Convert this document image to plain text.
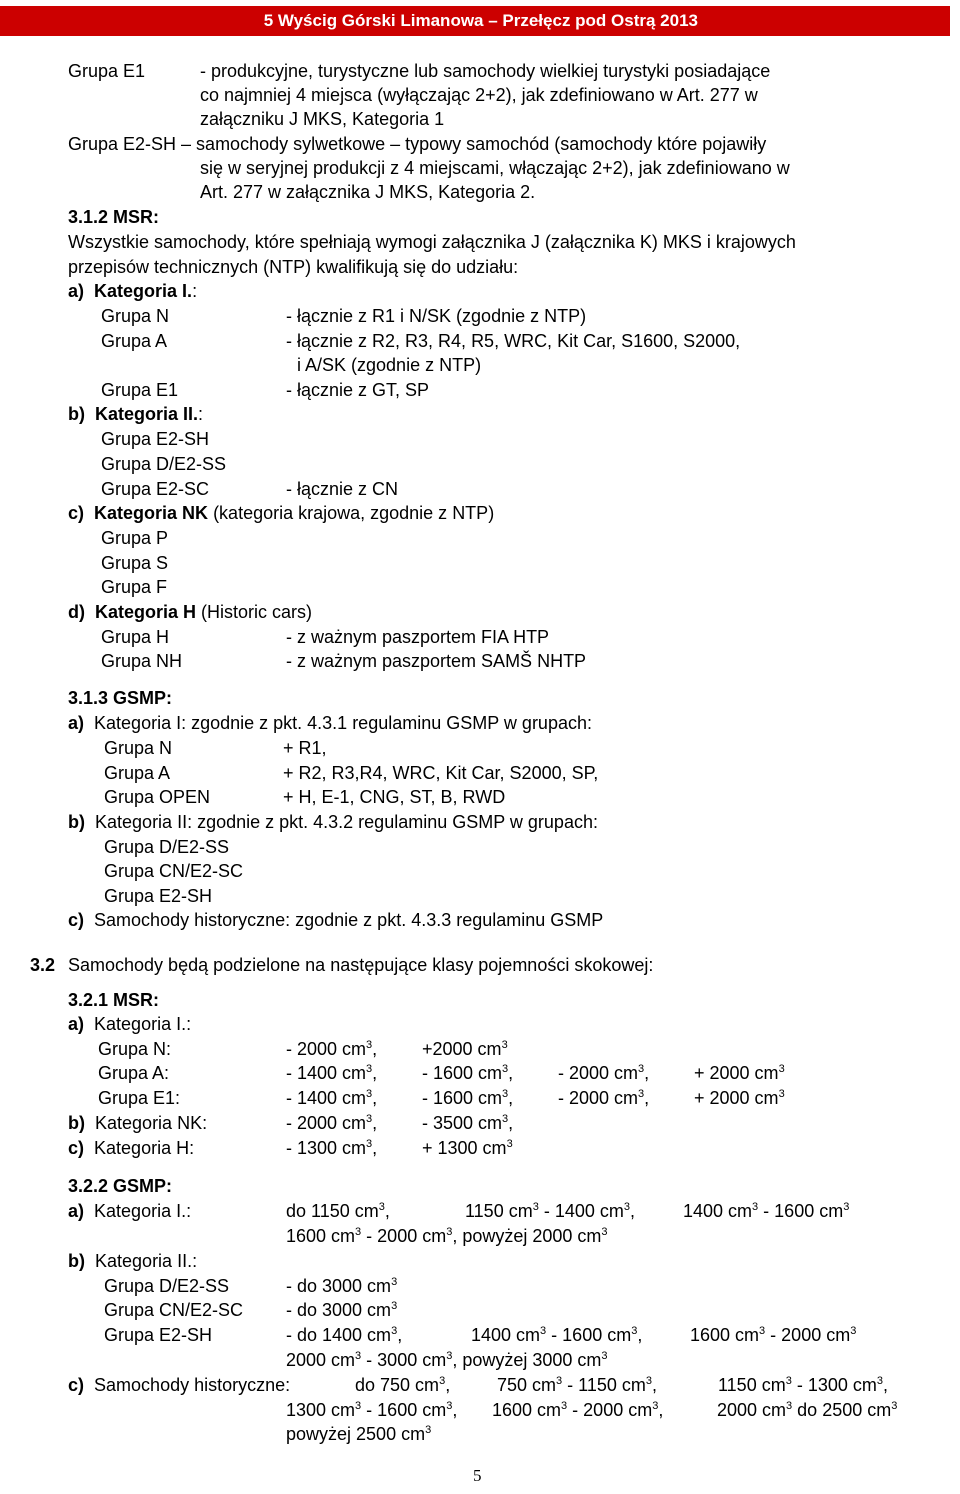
5 Wyścig Górski Limanowa – Przełęcz pod Ostrą 2013
Grupa E1	- produkcyjne, turystyczne lub samochody wielkiej turystyki posiadające
co najmniej 4 miejsca (wyłączając 2+2), jak zdefiniowano w Art. 277 w
załączniku J MKS, Kategoria 1
Grupa E2-SH – samochody sylwetkowe – typowy samochód (samochody które pojawiły
się w seryjnej produkcji z 4 miejscami, włączając 2+2), jak zdefiniowano w
Art. 277 w załącznika J MKS, Kategoria 2.
3.1.2 MSR:
Wszystkie samochody, które spełniają wymogi załącznika J (załącznika K) MKS i krajowych
przepisów technicznych (NTP) kwalifikują się do udziału:
a) Kategoria I.:
Grupa N	- łącznie z R1 i N/SK (zgodnie z NTP)
Grupa A	- łącznie z R2, R3, R4, R5, WRC, Kit Car, S1600, S2000,
i A/SK (zgodnie z NTP)
Grupa E1	- łącznie z GT, SP
b) Kategoria II.:
Grupa E2-SH
Grupa D/E2-SS
Grupa E2-SC	- łącznie z CN
c) Kategoria NK (kategoria krajowa, zgodnie z NTP)
Grupa P
Grupa S
Grupa F
d) Kategoria H (Historic cars)
Grupa H	- z ważnym paszportem FIA HTP
Grupa NH	- z ważnym paszportem SAMŠ NHTP
3.1.3 GSMP:
a) Kategoria I: zgodnie z pkt. 4.3.1 regulaminu GSMP w grupach:
Grupa N	+ R1,
Grupa A	+ R2, R3,R4, WRC, Kit Car, S2000, SP,
Grupa OPEN	+ H, E-1, CNG, ST, B, RWD
b) Kategoria II: zgodnie z pkt. 4.3.2 regulaminu GSMP w grupach:
Grupa D/E2-SS
Grupa CN/E2-SC
Grupa E2-SH
c) Samochody historyczne: zgodnie z pkt. 4.3.3 regulaminu GSMP
3.2 Samochody będą podzielone na następujące klasy pojemności skokowej:
3.2.1 MSR:
a) Kategoria I.:
Grupa N:	- 2000 $cm^3$, +2000 $cm^3$
Grupa A:	- 1400 $cm^3$, - 1600 $cm^3$, - 2000 $cm^3$, + 2000 $cm^3$
Grupa E1:	- 1400 $cm^3$, - 1600 $cm^3$, - 2000 $cm^3$, + 2000 $cm^3$
b) Kategoria NK:	- 2000 $cm^3$, - 3500 $cm^3$,
c) Kategoria H:	- 1300 $cm^3$, + 1300 $cm^3$
3.2.2 GSMP:
a) Kategoria I.:	do 1150 $cm^3$,	1150 $cm^3 - 1400$ $cm^3$,	1400 $cm^3 - 1600$ $cm^3$
1600 $cm^3 - 2000$ $cm^3$, powyżej 2000 $cm^3$
b) Kategoria II.:
Grupa D/E2-SS	- do 3000 $cm^3$
Grupa CN/E2-SC - do 3000 $cm^3$
Grupa E2-SH	- do 1400 $cm^3$,	1400 $cm^3 - 1600$ $cm^3$,	1600 $cm^3 - 2000$ $cm^3$
2000 $cm^3 - 3000$ $cm^3$, powyżej 3000 $cm^3$
c) Samochody historyczne:	do 750 $cm^3$,	750 $cm^3 - 1150$ $cm^3$,	1150 $cm^3 - 1300$ $cm^3$,
1300 $cm^3 - 1600$ $cm^3$, 1600 $cm^3 - 2000$ $cm^3$,	2000 $cm^3$ do 2500 $cm^3$
powyżej 2500 $cm^3$
5
